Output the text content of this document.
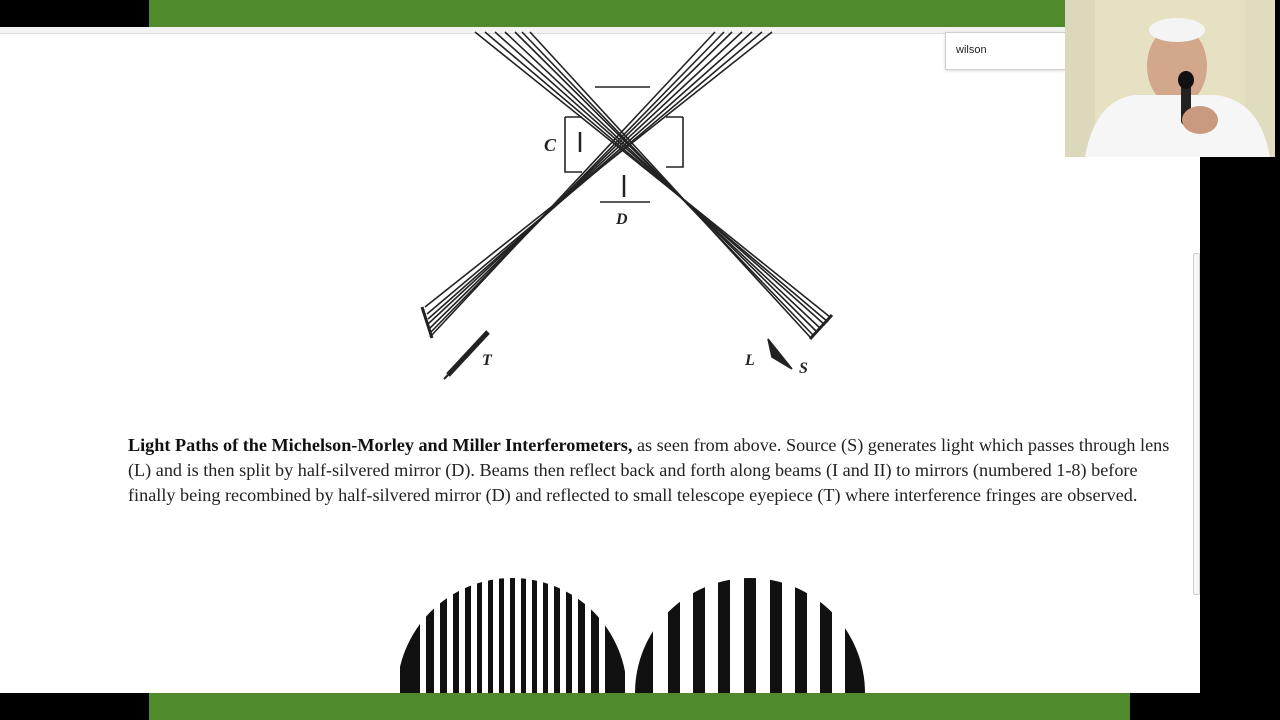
C
D
T	L	S
Light Paths of the Michelson-Morley and Miller Interferometers, as seen from above. Source (S) generates light which passes through lens (L) and is then split by half-silvered mirror (D). Beams then reflect back and forth along beams (I and II) to mirrors (numbered 1-8) before finally being recombined by half-silvered mirror (D) and reflected to small telescope eyepiece (T) where interference fringes are observed.
wilson
